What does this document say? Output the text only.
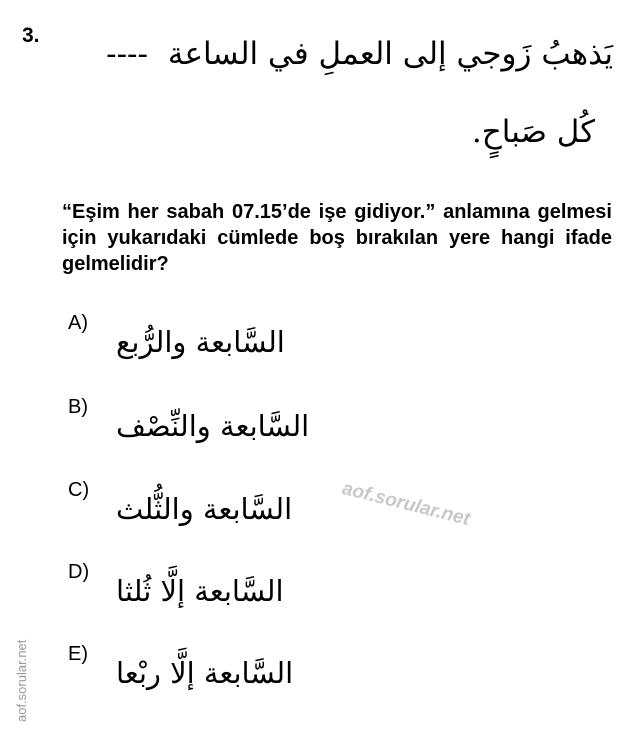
3.
يَذهبُ زَوجي إلى العملِ في الساعة ----
كُل صَباحٍ.
“Eşim her sabah 07.15’de işe gidiyor.” anlamına gelmesi için yukarıdaki cümlede boş bırakılan yere hangi ifade gelmelidir?
A)
السَّابعة والرُّبع
B)
السَّابعة والنِّصْف
C)
السَّابعة والثُّلث
D)
السَّابعة إلَّا ثُلثا
E)
السَّابعة إلَّا ربْعا
aof.sorular.net
aof.sorular.net
